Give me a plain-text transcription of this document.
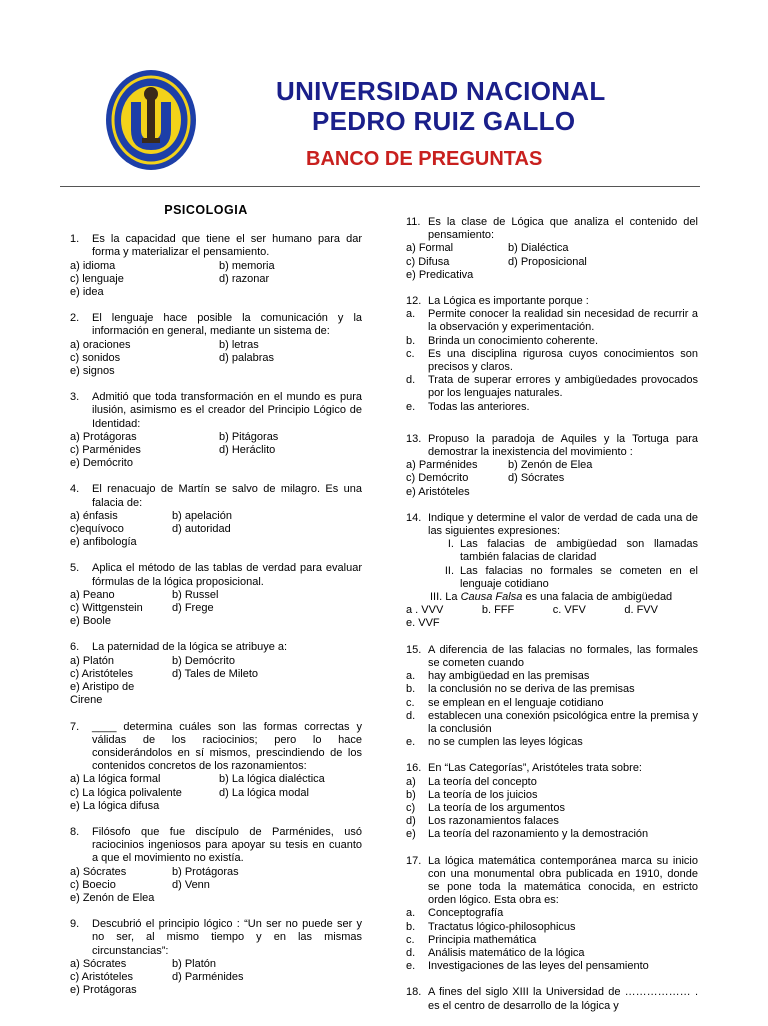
UNIVERSIDAD NACIONAL
PEDRO RUIZ GALLO
BANCO DE PREGUNTAS
PSICOLOGIA
1.	Es la capacidad que tiene el ser humano para dar forma y materializar el pensamiento.
a) idioma	b) memoria
c) lenguaje	d) razonar
e) idea
2.	El lenguaje hace posible la comunicación y la información en general, mediante un sistema de:
a) oraciones	b) letras
c) sonidos	d) palabras
e) signos
3.	Admitió que toda transformación en el mundo es pura ilusión, asimismo es el creador del Principio Lógico de Identidad:
a) Protágoras	b) Pitágoras
c) Parménides	d) Heráclito
e) Demócrito
4.	El renacuajo de Martín se salvo de milagro. Es una falacia de:
a) énfasis	b) apelación
c)equívoco	d) autoridad
e) anfibología
5.	Aplica el método de las tablas de verdad para evaluar fórmulas de la lógica proposicional.
a) Peano	b) Russel
c) Wittgenstein	d) Frege
e) Boole
6.	La paternidad de la lógica se atribuye a:
a) Platón	b) Demócrito
c) Aristóteles	d) Tales de Mileto
e) Aristipo de Cirene
7.	____ determina cuáles son las formas correctas y válidas de los raciocinios; pero lo hace considerándolos en sí mismos, prescindiendo de los contenidos concretos de los razonamientos:
a) La lógica formal	b) La lógica dialéctica
c) La lógica polivalente	d) La lógica modal
e) La lógica difusa
8.	Filósofo que fue discípulo de Parménides, usó raciocinios ingeniosos para apoyar su tesis en cuanto a que el movimiento no existía.
a) Sócrates	b) Protágoras
c) Boecio	d) Venn
e) Zenón de Elea
9.	Descubrió el principio lógico : “Un ser no puede ser y no ser, al mismo tiempo y en las mismas circunstancias”:
a) Sócrates	b) Platón
c) Aristóteles	d) Parménides
e) Protágoras
11. Es la clase de Lógica que analiza el contenido del pensamiento:
a) Formal	b) Dialéctica
c) Difusa	d) Proposicional
e) Predicativa
12. La Lógica es importante porque :
a.	Permite conocer la realidad sin necesidad de recurrir a la observación y experimentación.
b.	Brinda un conocimiento coherente.
c.	Es una disciplina rigurosa cuyos conocimientos son precisos y claros.
d.	Trata de superar errores y ambigüedades provocados por los lenguajes naturales.
e.	Todas las anteriores.
13. Propuso la paradoja de Aquiles y la Tortuga para demostrar la inexistencia del movimiento :
a) Parménides	b) Zenón de Elea
c) Demócrito	d) Sócrates
e) Aristóteles
14. Indique y determine el valor de verdad de cada una de las siguientes expresiones:
I. Las falacias de ambigüedad son llamadas también falacias de claridad
II. Las falacias no formales se cometen en el lenguaje cotidiano
III. La Causa Falsa es una falacia de ambigüedad
a . VVV	b. FFF	c. VFV	d. FVV
e. VVF
15. A diferencia de las falacias no formales, las formales se cometen cuando
a.	hay ambigüedad en las premisas
b.	la conclusión no se deriva de las premisas
c.	se emplean en el lenguaje cotidiano
d.	establecen una conexión psicológica entre la premisa y la conclusión
e.	no se cumplen las leyes lógicas
16. En “Las Categorías”, Aristóteles trata sobre:
a)	La teoría del concepto
b)	La teoría de los juicios
c)	La teoría de los argumentos
d)	Los razonamientos falaces
e)	La teoría del razonamiento y la demostración
17. La lógica matemática contemporánea marca su inicio con una monumental obra publicada en 1910, donde se pone toda la matemática conocida, en estricto orden lógico. Esta obra es:
a.	Conceptografía
b.	Tractatus lógico-philosophicus
c.	Principia mathemática
d.	Análisis matemático de la lógica
e.	Investigaciones de las leyes del pensamiento
18. A fines del siglo XIII la Universidad de ……………… . es el centro de desarrollo de la lógica y
